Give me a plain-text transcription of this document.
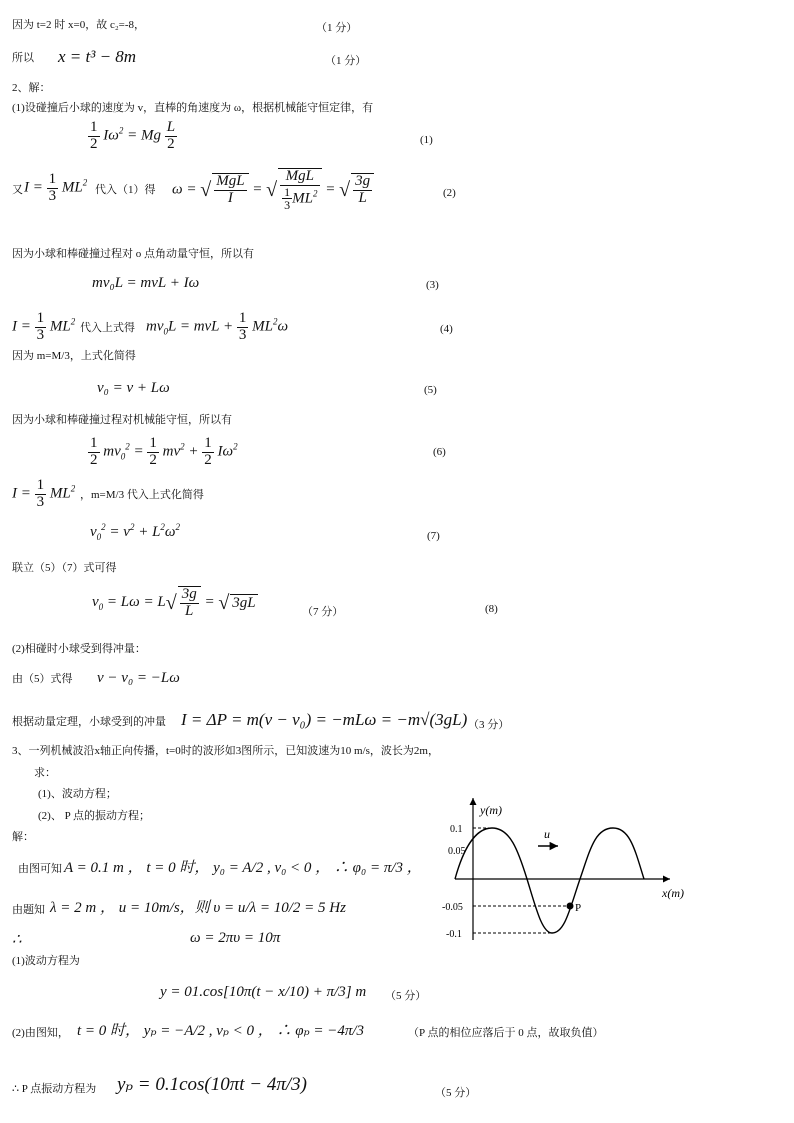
因为 t=2 时 x=0，故 c₂=-8，	（1 分）
所以 x = t³ − 8m	（1 分）
2、解：
(1)设碰撞后小球的速度为 v，直棒的角速度为 ω，根据机械能守恒定律，有
$\frac{1}{2} I\omega^2 = Mg \frac{L}{2}$	(1)
又 $I = \frac{1}{3} ML^2$
代入（1）得 ω = √ $\frac{\text{MgL}}{I}$ = √ $\frac{\text{MgL}}{\frac{1}{3} ML^2}$ = √ $\frac{3g}{L}$	(2)
因为小球和棒碰撞过程对 o 点角动量守恒，所以有
mv₀L = mvL + Iω	(3)
$I = \frac{1}{3} ML^2$
代入上式得 $mv_0L$ = mvL + $\frac{1}{3} ML^2\omega$	(4)
因为 m=M/3，上式化简得
v₀ = v + Lω	(5)
因为小球和棒碰撞过程对机械能守恒，所以有
$\frac{1}{2} mv_0^2 = \frac{1}{2} mv^2 + \frac{1}{2} I\omega^2$	(6)
$I = \frac{1}{3} ML^2$
，m=M/3 代入上式化简得
$v_0^2 = v^2 + L^2\omega^2$
(7)
联立（5）（7）式可得
$v_0 = L\omega = L√ \frac{3g}{L}$ = √ 3gL
（7 分）	(8)
(2)相碰时小球受到得冲量：
由（5）式得 v − v₀ = −Lω
根据动量定理，小球受到的冲量 I = ΔP = m(v − v₀) = −mLω = −m√(3gL) （3 分）
3、一列机械波沿x轴正向传播，t=0时的波形如3图所示，已知波速为10 m/s，波长为2m，
求：
(1)、波动方程；
(2)、 P 点的振动方程；
解：
由图可知 A = 0.1 m ， t = 0 时， y₀ = A/2 , v₀ < 0 ， ∴ φ₀ = π/3 ，
由题知 λ = 2 m ， u = 10m/s，则 υ = u/λ = 10/2 = 5 Hz
∴	ω = 2πυ = 10π
(1)波动方程为
y = 01.cos[10π(t − x/10) + π/3] m （5 分）
(2)由图知， t = 0 时， yₚ = −A/2 , vₚ < 0 ， ∴ φₚ = −4π/3	（P 点的相位应落后于 0 点，故取负值）
∴ P 点振动方程为 yₚ = 0.1cos(10πt − 4π/3)	（5 分）
y(m)
x(m)
0.1
0.05
-0.05
-0.1
u
P
